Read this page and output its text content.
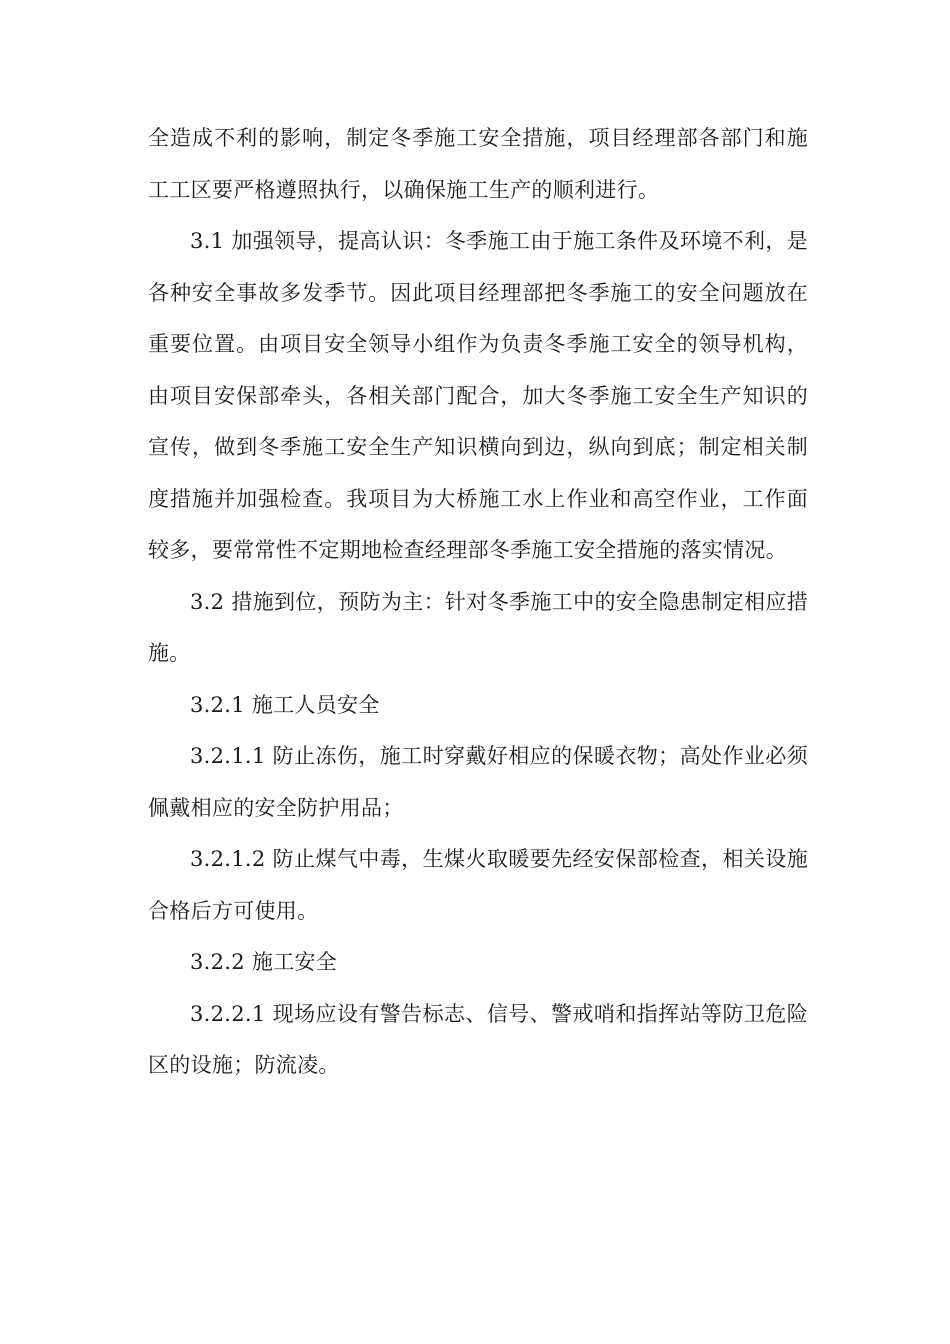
全造成不利的影响，制定冬季施工安全措施，项目经理部各部门和施工工区要严格遵照执行，以确保施工生产的顺利进行。

3.1 加强领导，提高认识：冬季施工由于施工条件及环境不利，是各种安全事故多发季节。因此项目经理部把冬季施工的安全问题放在重要位置。由项目安全领导小组作为负责冬季施工安全的领导机构，由项目安保部牵头，各相关部门配合，加大冬季施工安全生产知识的宣传，做到冬季施工安全生产知识横向到边，纵向到底；制定相关制度措施并加强检查。我项目为大桥施工水上作业和高空作业，工作面较多，要常常性不定期地检查经理部冬季施工安全措施的落实情况。

3.2 措施到位，预防为主：针对冬季施工中的安全隐患制定相应措施。

3.2.1 施工人员安全

3.2.1.1 防止冻伤，施工时穿戴好相应的保暖衣物；高处作业必须佩戴相应的安全防护用品；

3.2.1.2 防止煤气中毒，生煤火取暖要先经安保部检查，相关设施合格后方可使用。

3.2.2 施工安全

3.2.2.1 现场应设有警告标志、信号、警戒哨和指挥站等防卫危险区的设施；防流凌。
